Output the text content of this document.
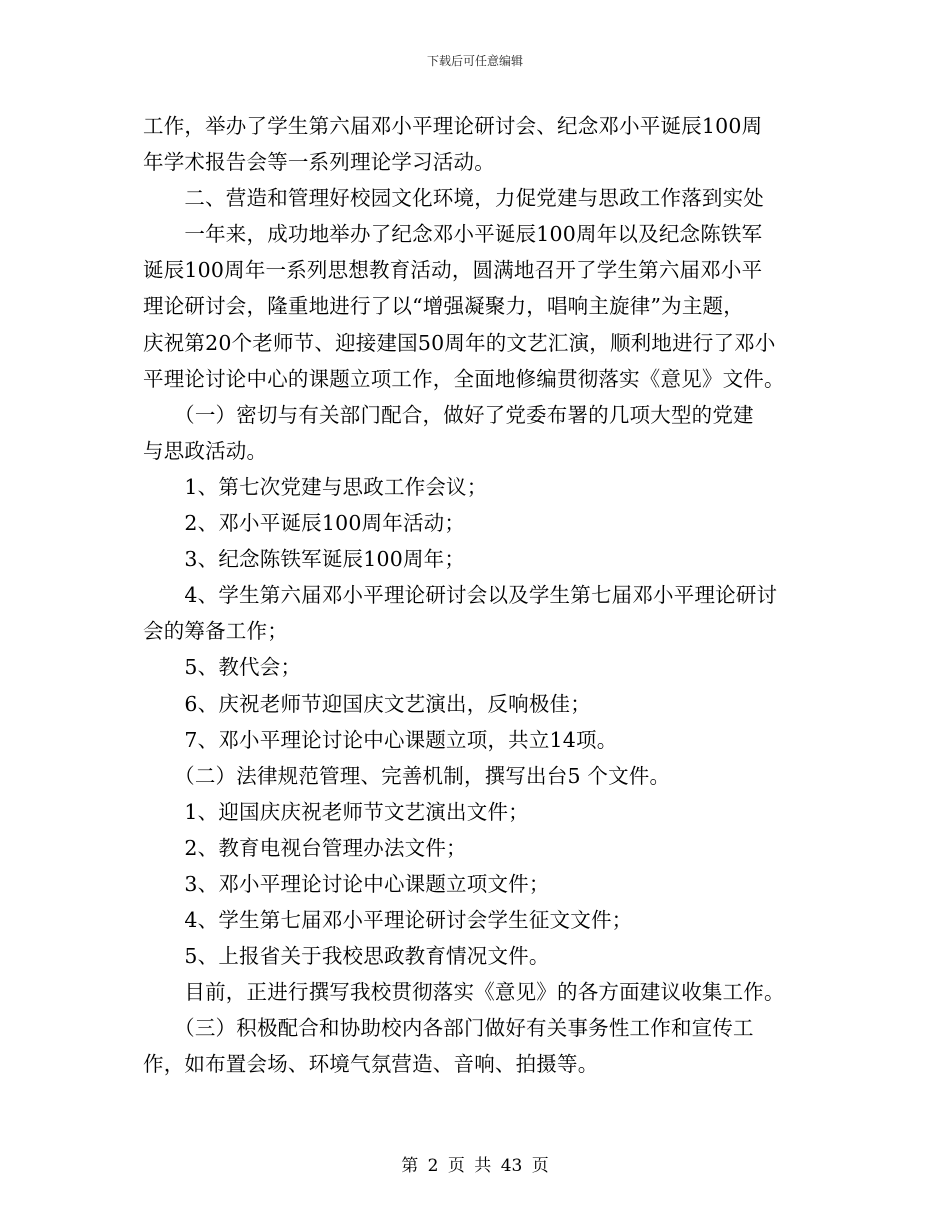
下载后可任意编辑
工作，举办了学生第六届邓小平理论研讨会、纪念邓小平诞辰100周
年学术报告会等一系列理论学习活动。
　　二、营造和管理好校园文化环境，力促党建与思政工作落到实处
　　一年来，成功地举办了纪念邓小平诞辰100周年以及纪念陈铁军
诞辰100周年一系列思想教育活动，圆满地召开了学生第六届邓小平
理论研讨会，隆重地进行了以“增强凝聚力，唱响主旋律”为主题，
庆祝第20个老师节、迎接建国50周年的文艺汇演，顺利地进行了邓小
平理论讨论中心的课题立项工作，全面地修编贯彻落实《意见》文件。
　　（一）密切与有关部门配合，做好了党委布署的几项大型的党建
与思政活动。
　　1、第七次党建与思政工作会议；
　　2、邓小平诞辰100周年活动；
　　3、纪念陈铁军诞辰100周年；
　　4、学生第六届邓小平理论研讨会以及学生第七届邓小平理论研讨
会的筹备工作；
　　5、教代会；
　　6、庆祝老师节迎国庆文艺演出，反响极佳；
　　7、邓小平理论讨论中心课题立项，共立14项。
　　（二）法律规范管理、完善机制，撰写出台5 个文件。
　　1、迎国庆庆祝老师节文艺演出文件；
　　2、教育电视台管理办法文件；
　　3、邓小平理论讨论中心课题立项文件；
　　4、学生第七届邓小平理论研讨会学生征文文件；
　　5、上报省关于我校思政教育情况文件。
　　目前，正进行撰写我校贯彻落实《意见》的各方面建议收集工作。
　　（三）积极配合和协助校内各部门做好有关事务性工作和宣传工
作，如布置会场、环境气氛营造、音响、拍摄等。
第 2 页 共 43 页
